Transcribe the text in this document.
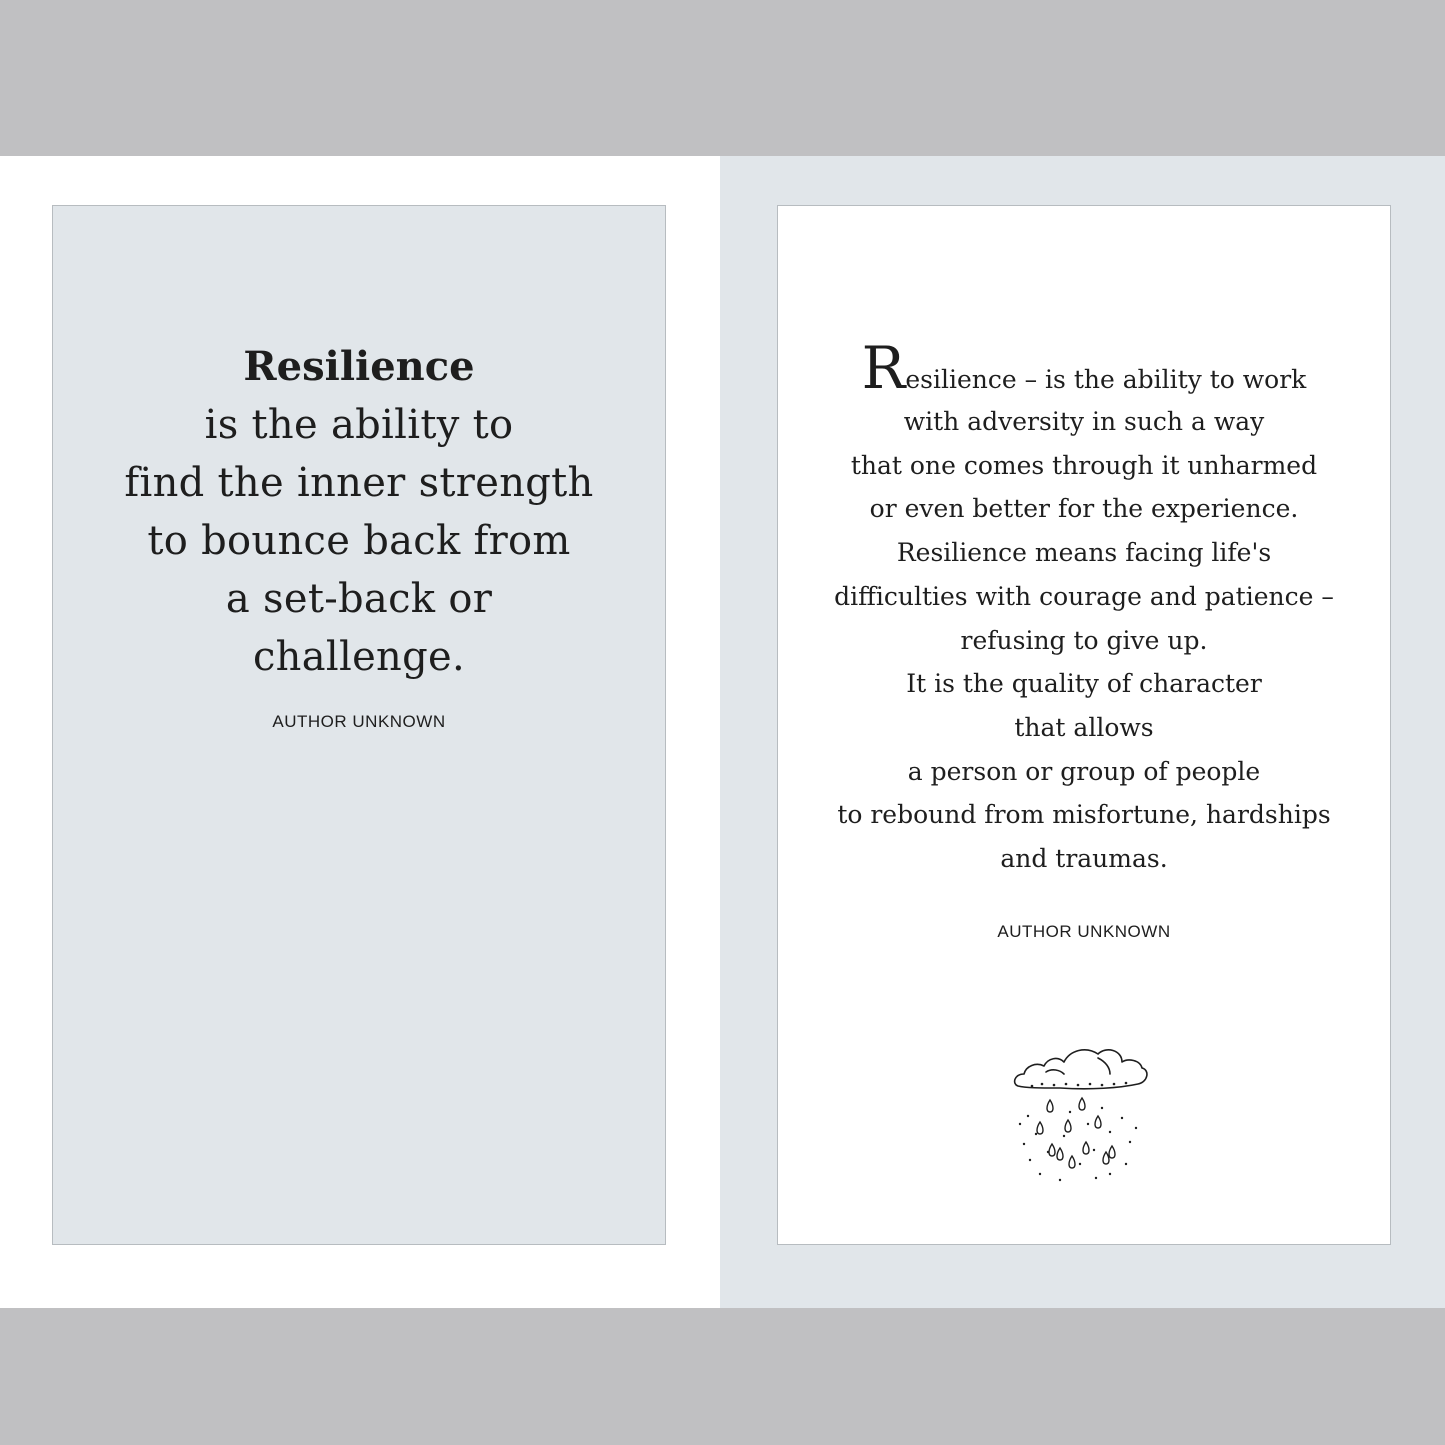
Resilience
is the ability to
find the inner strength
to bounce back from
a set-back or
challenge.
AUTHOR UNKNOWN
Resilience – is the ability to work
with adversity in such a way
that one comes through it unharmed
or even better for the experience.
Resilience means facing life's
difficulties with courage and patience –
refusing to give up.
It is the quality of character
that allows
a person or group of people
to rebound from misfortune, hardships
and traumas.
AUTHOR UNKNOWN
